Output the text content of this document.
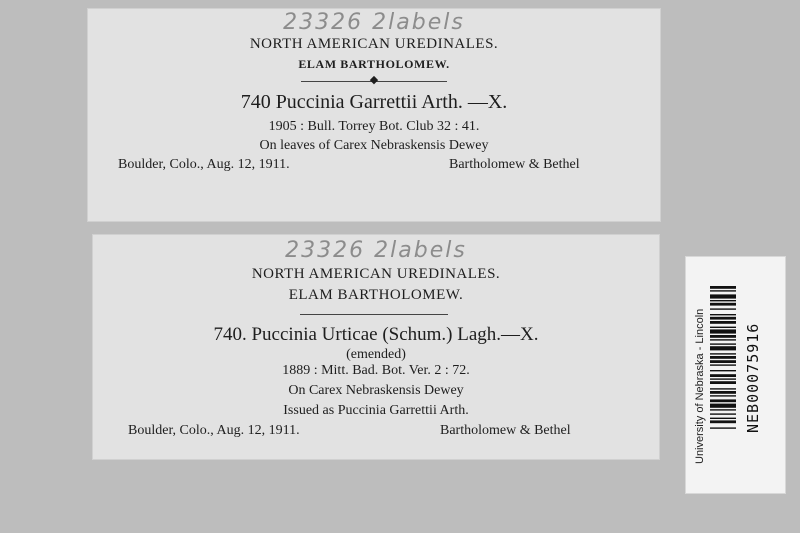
23326 2labels
NORTH AMERICAN UREDINALES.
ELAM BARTHOLOMEW.
◆
740 Puccinia Garrettii Arth. —X.
1905 : Bull. Torrey Bot. Club 32 : 41.
On leaves of Carex Nebraskensis Dewey
Boulder, Colo., Aug. 12, 1911.	Bartholomew & Bethel
23326 2labels
NORTH AMERICAN UREDINALES.
ELAM BARTHOLOMEW.
740. Puccinia Urticae (Schum.) Lagh.—X.
(emended)
1889 : Mitt. Bad. Bot. Ver. 2 : 72.
On Carex Nebraskensis Dewey
Issued as Puccinia Garrettii Arth.
Boulder, Colo., Aug. 12, 1911.	Bartholomew & Bethel	University of Nebraska - Lincoln	NEB00075916
